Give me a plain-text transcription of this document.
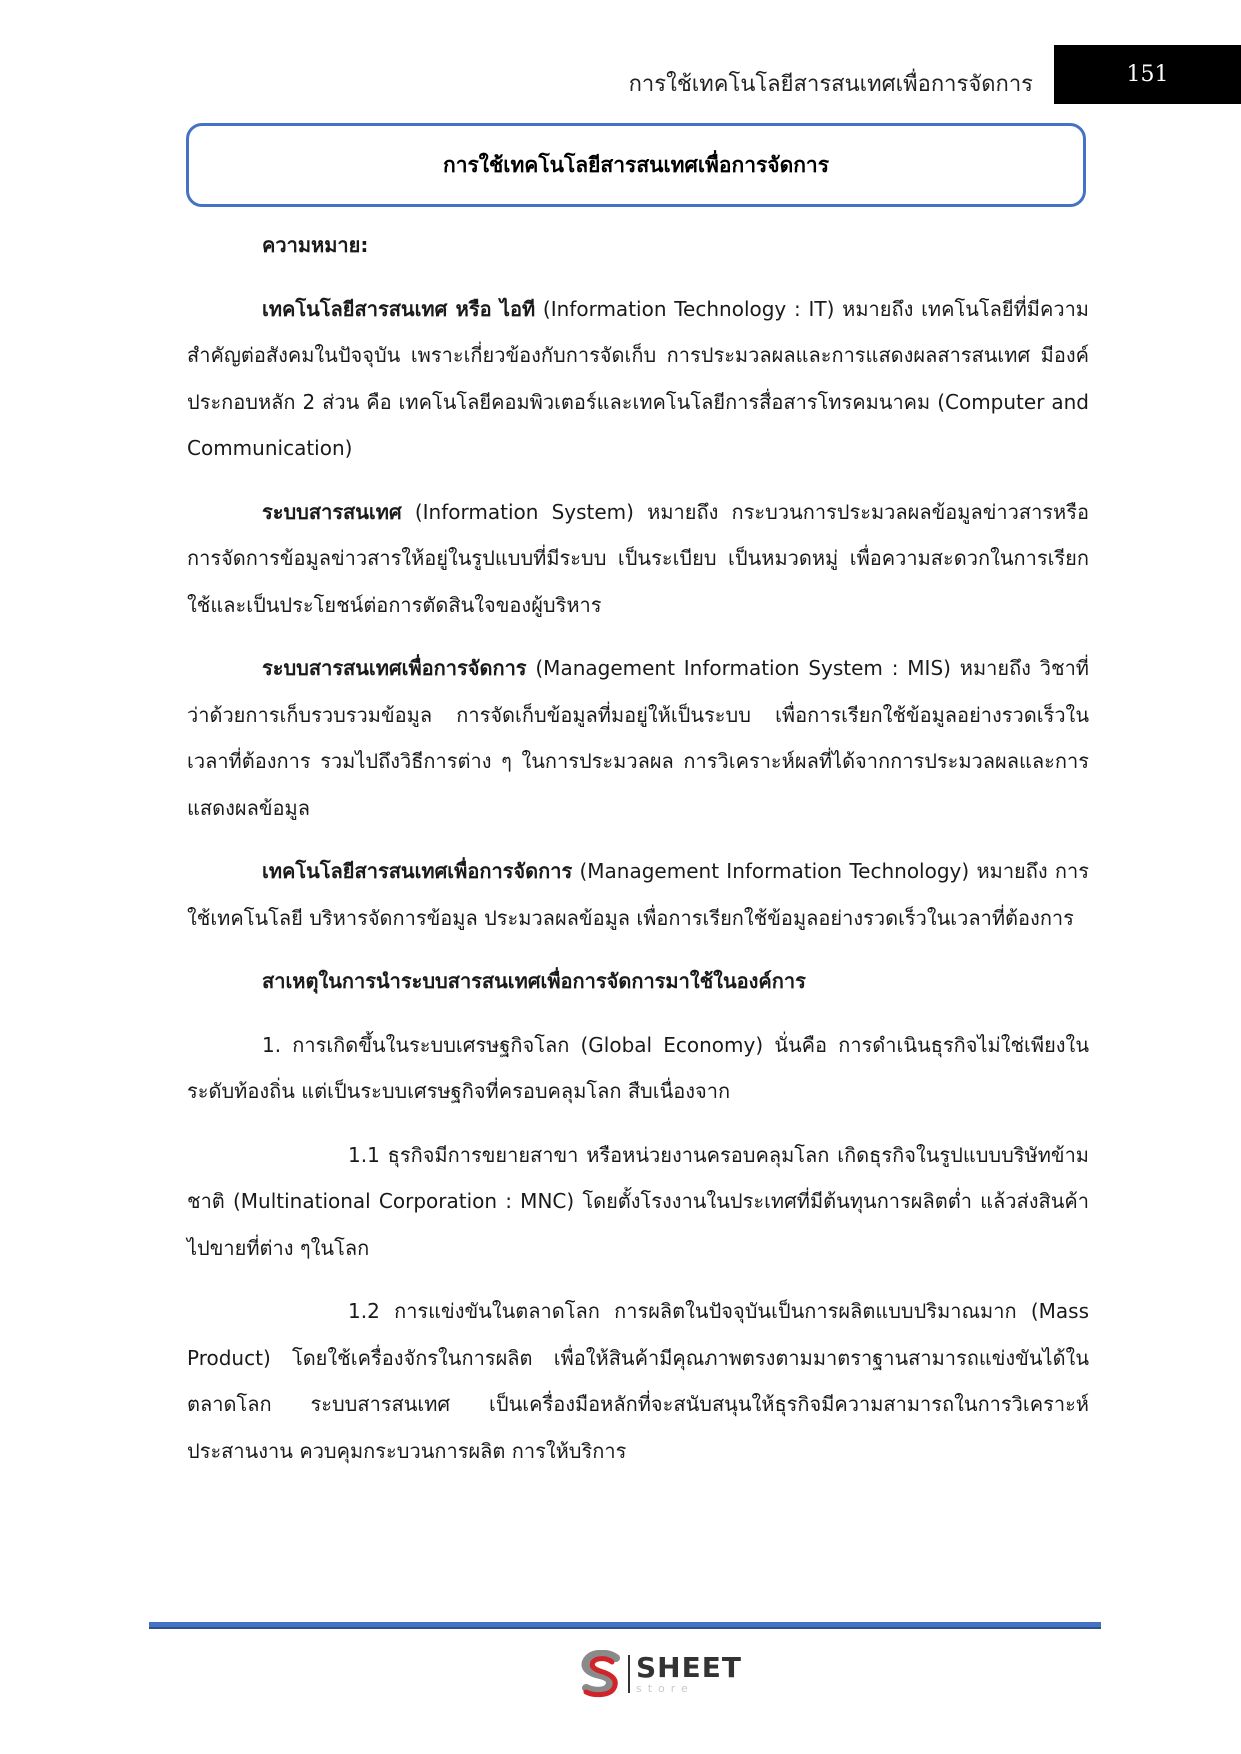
การใช้เทคโนโลยีสารสนเทศเพื่อการจัดการ	151
การใช้เทคโนโลยีสารสนเทศเพื่อการจัดการ

ความหมาย:

เทคโนโลยีสารสนเทศ หรือ ไอที (Information Technology : IT) หมายถึง เทคโนโลยีที่มีความสำคัญต่อสังคมในปัจจุบัน เพราะเกี่ยวข้องกับการจัดเก็บ การประมวลผลและการแสดงผลสารสนเทศ มีองค์ประกอบหลัก 2 ส่วน คือ เทคโนโลยีคอมพิวเตอร์และเทคโนโลยีการสื่อสารโทรคมนาคม (Computer and Communication)

ระบบสารสนเทศ (Information System) หมายถึง กระบวนการประมวลผลข้อมูลข่าวสารหรือการจัดการข้อมูลข่าวสารให้อยู่ในรูปแบบที่มีระบบ เป็นระเบียบ เป็นหมวดหมู่ เพื่อความสะดวกในการเรียกใช้และเป็นประโยชน์ต่อการตัดสินใจของผู้บริหาร

ระบบสารสนเทศเพื่อการจัดการ (Management Information System : MIS) หมายถึง วิชาที่ว่าด้วยการเก็บรวบรวมข้อมูล การจัดเก็บข้อมูลที่มอยู่ให้เป็นระบบ เพื่อการเรียกใช้ข้อมูลอย่างรวดเร็วในเวลาที่ต้องการ รวมไปถึงวิธีการต่าง ๆ ในการประมวลผล การวิเคราะห์ผลที่ได้จากการประมวลผลและการแสดงผลข้อมูล

เทคโนโลยีสารสนเทศเพื่อการจัดการ (Management Information Technology) หมายถึง การใช้เทคโนโลยี บริหารจัดการข้อมูล ประมวลผลข้อมูล เพื่อการเรียกใช้ข้อมูลอย่างรวดเร็วในเวลาที่ต้องการ

สาเหตุในการนำระบบสารสนเทศเพื่อการจัดการมาใช้ในองค์การ

1. การเกิดขึ้นในระบบเศรษฐกิจโลก (Global Economy) นั่นคือ การดำเนินธุรกิจไม่ใช่เพียงในระดับท้องถิ่น แต่เป็นระบบเศรษฐกิจที่ครอบคลุมโลก สืบเนื่องจาก

1.1 ธุรกิจมีการขยายสาขา หรือหน่วยงานครอบคลุมโลก เกิดธุรกิจในรูปแบบบริษัทข้ามชาติ (Multinational Corporation : MNC) โดยตั้งโรงงานในประเทศที่มีต้นทุนการผลิตต่ำ แล้วส่งสินค้าไปขายที่ต่าง ๆในโลก

1.2 การแข่งขันในตลาดโลก การผลิตในปัจจุบันเป็นการผลิตแบบปริมาณมาก (Mass Product) โดยใช้เครื่องจักรในการผลิต เพื่อให้สินค้ามีคุณภาพตรงตามมาตราฐานสามารถแข่งขันได้ในตลาดโลก ระบบสารสนเทศ เป็นเครื่องมือหลักที่จะสนับสนุนให้ธุรกิจมีความสามารถในการวิเคราะห์ ประสานงาน ควบคุมกระบวนการผลิต การให้บริการ

SHEET
store
